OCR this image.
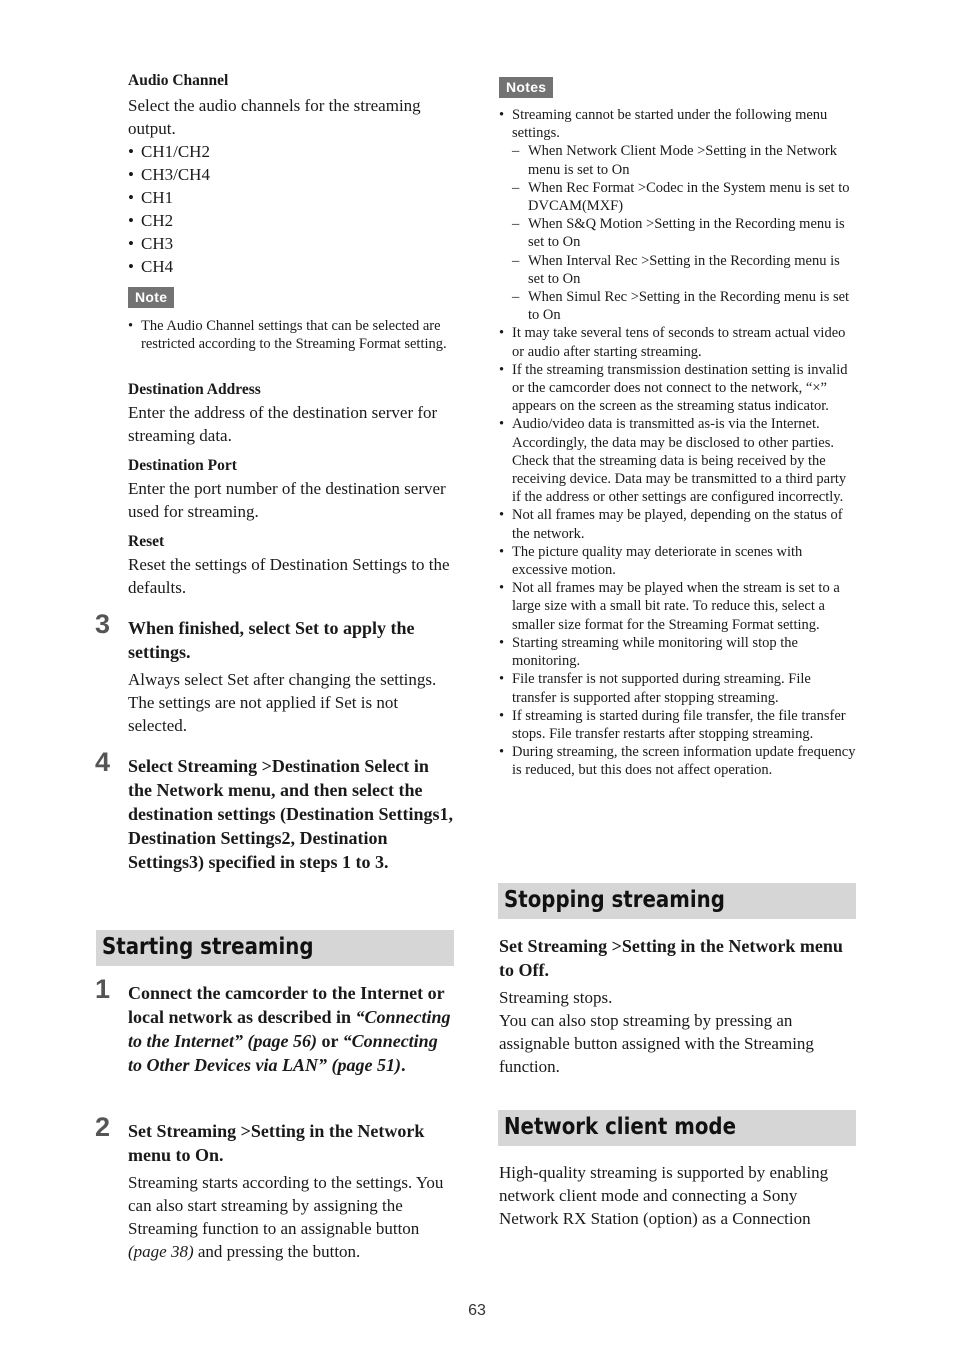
Audio Channel

Select the audio channels for the streaming output.

• CH1/CH2
• CH3/CH4
• CH1
• CH2
• CH3
• CH4
Note
• The Audio Channel settings that can be selected are restricted according to the Streaming Format setting.

Destination Address

Enter the address of the destination server for streaming data.

Destination Port

Enter the port number of the destination server used for streaming.

Reset

Reset the settings of Destination Settings to the defaults.

3 When finished, select Set to apply the settings.

Always select Set after changing the settings. The settings are not applied if Set is not selected.

4 Select Streaming >Destination Select in the Network menu, and then select the destination settings (Destination Settings1, Destination Settings2, Destination Settings3) specified in steps 1 to 3.

Starting streaming
1 Connect the camcorder to the Internet or local network as described in “Connecting to the Internet” (page 56) or “Connecting to Other Devices via LAN” (page 51).

2 Set Streaming >Setting in the Network menu to On.

Streaming starts according to the settings. You can also start streaming by assigning the Streaming function to an assignable button (page 38) and pressing the button.

Notes
• Streaming cannot be started under the following menu settings.
– When Network Client Mode >Setting in the Network menu is set to On
– When Rec Format >Codec in the System menu is set to DVCAM(MXF)
– When S&Q Motion >Setting in the Recording menu is set to On
– When Interval Rec >Setting in the Recording menu is set to On
– When Simul Rec >Setting in the Recording menu is set to On
• It may take several tens of seconds to stream actual video or audio after starting streaming.
• If the streaming transmission destination setting is invalid or the camcorder does not connect to the network, “×” appears on the screen as the streaming status indicator.
• Audio/video data is transmitted as-is via the Internet. Accordingly, the data may be disclosed to other parties. Check that the streaming data is being received by the receiving device. Data may be transmitted to a third party if the address or other settings are configured incorrectly.
• Not all frames may be played, depending on the status of the network.
• The picture quality may deteriorate in scenes with excessive motion.
• Not all frames may be played when the stream is set to a large size with a small bit rate. To reduce this, select a smaller size format for the Streaming Format setting.
• Starting streaming while monitoring will stop the monitoring.
• File transfer is not supported during streaming. File transfer is supported after stopping streaming.
• If streaming is started during file transfer, the file transfer stops. File transfer restarts after stopping streaming.
• During streaming, the screen information update frequency is reduced, but this does not affect operation.
Stopping streaming

Set Streaming >Setting in the Network menu to Off.

Streaming stops.

You can also stop streaming by pressing an assignable button assigned with the Streaming function.

Network client mode

High-quality streaming is supported by enabling network client mode and connecting a Sony Network RX Station (option) as a Connection

63
